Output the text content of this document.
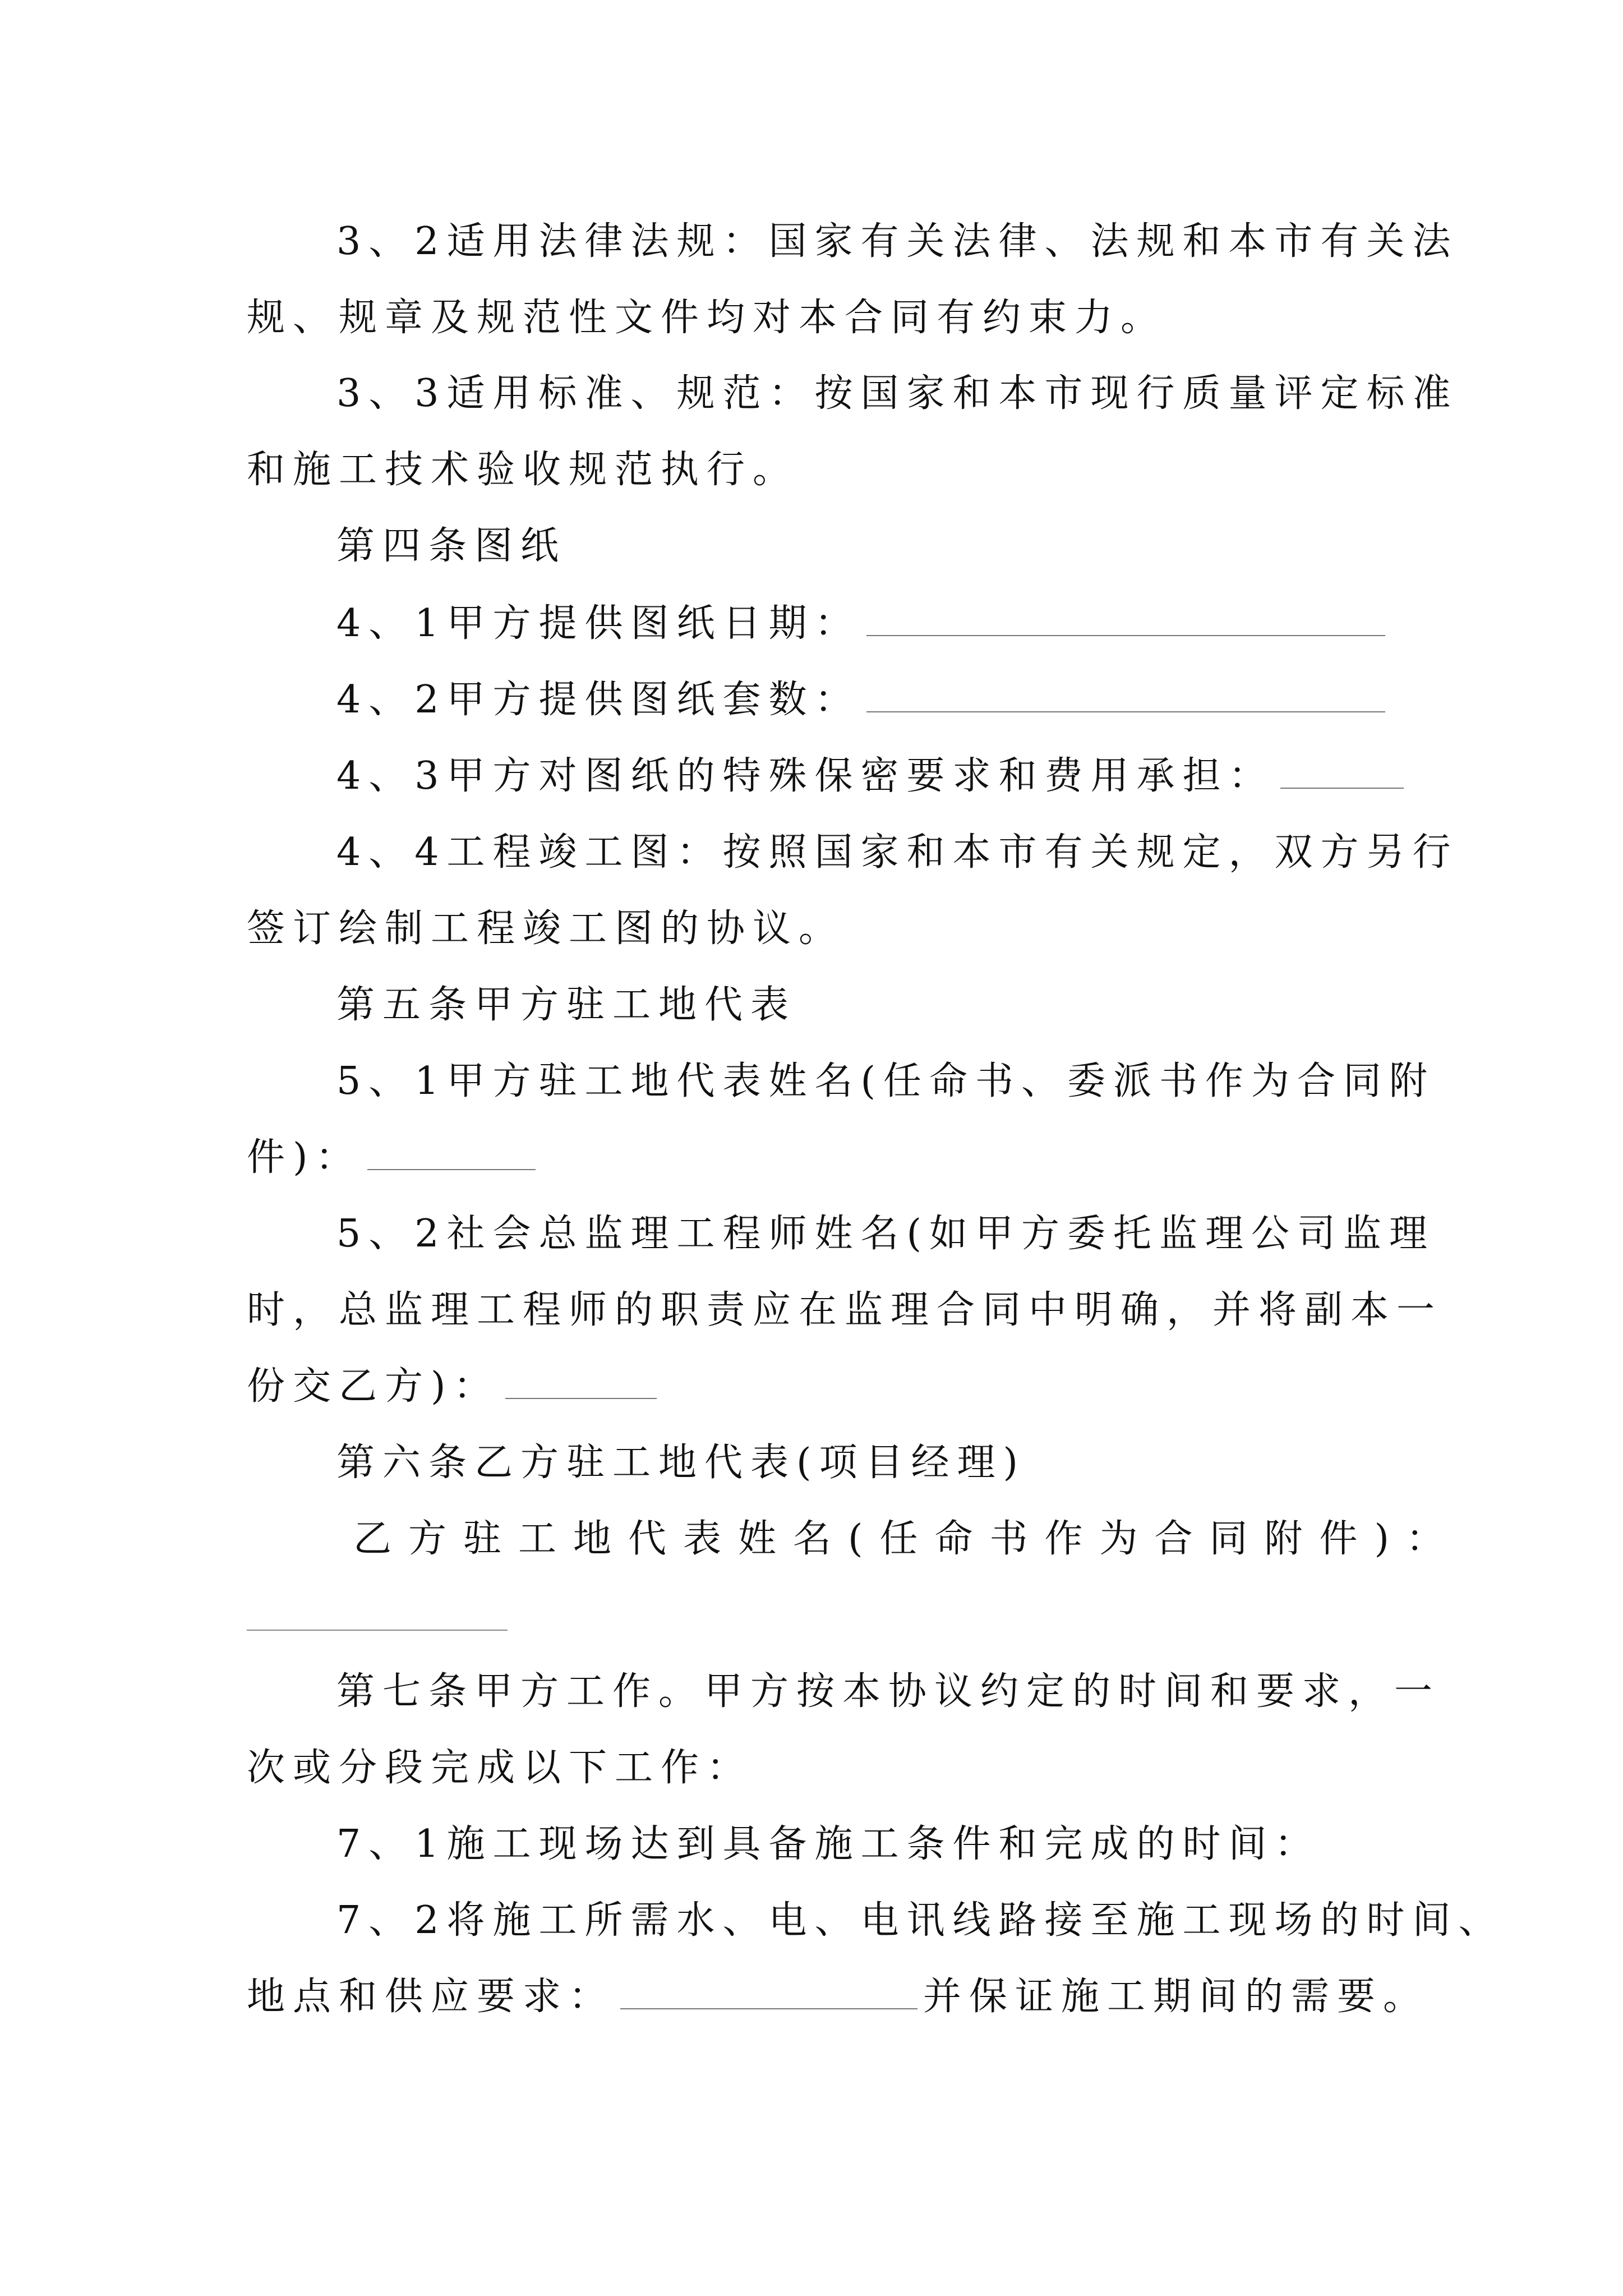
3、2适用法律法规：国家有关法律、法规和本市有关法
规、规章及规范性文件均对本合同有约束力。
3、3适用标准、规范：按国家和本市现行质量评定标准
和施工技术验收规范执行。
第四条图纸
4、1甲方提供图纸日期：
4、2甲方提供图纸套数：
4、3甲方对图纸的特殊保密要求和费用承担：
4、4工程竣工图：按照国家和本市有关规定，双方另行
签订绘制工程竣工图的协议。
第五条甲方驻工地代表
5、1甲方驻工地代表姓名(任命书、委派书作为合同附
件)：
5、2社会总监理工程师姓名(如甲方委托监理公司监理
时，总监理工程师的职责应在监理合同中明确，并将副本一
份交乙方)：
第六条乙方驻工地代表(项目经理)
乙方驻工地代表姓名(任命书作为合同附件)：
第七条甲方工作。甲方按本协议约定的时间和要求，一
次或分段完成以下工作：
7、1施工现场达到具备施工条件和完成的时间：
7、2将施工所需水、电、电讯线路接至施工现场的时间、
地点和供应要求：	并保证施工期间的需要。
